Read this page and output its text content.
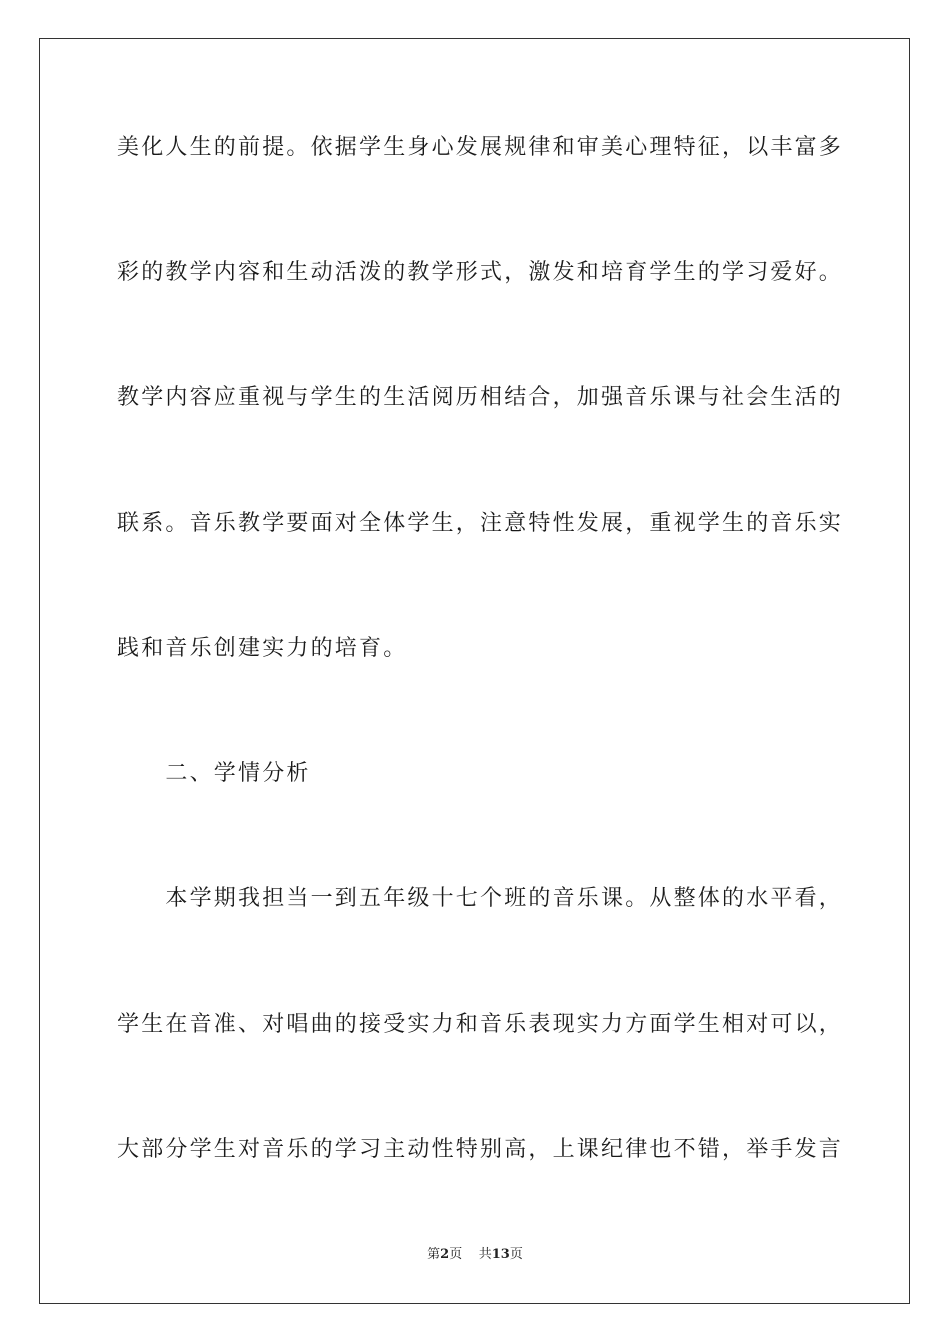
美化人生的前提。依据学生身心发展规律和审美心理特征，以丰富多
彩的教学内容和生动活泼的教学形式，激发和培育学生的学习爱好。
教学内容应重视与学生的生活阅历相结合，加强音乐课与社会生活的
联系。音乐教学要面对全体学生，注意特性发展，重视学生的音乐实
践和音乐创建实力的培育。
　　二、学情分析
　　本学期我担当一到五年级十七个班的音乐课。从整体的水平看，
学生在音准、对唱曲的接受实力和音乐表现实力方面学生相对可以，
大部分学生对音乐的学习主动性特别高，上课纪律也不错，举手发言
第2页 共13页
